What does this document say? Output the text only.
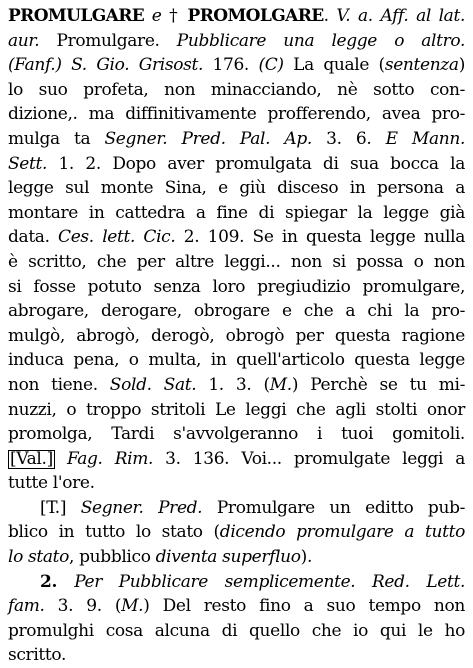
PROMULGARE e † PROMOLGARE. V. a. Aff. al lat.
aur. Promulgare. Pubblicare una legge o altro.
(Fanf.) S. Gio. Grisost. 176. (C) La quale (sentenza)
lo suo profeta, non minacciando, nè sotto con-
dizione,. ma diffinitivamente profferendo, avea pro-
mulga ta Segner. Pred. Pal. Ap. 3. 6. E Mann.
Sett. 1. 2. Dopo aver promulgata di sua bocca la
legge sul monte Sina, e giù disceso in persona a
montare in cattedra a fine di spiegar la legge già
data. Ces. lett. Cic. 2. 109. Se in questa legge nulla
è scritto, che per altre leggi... non si possa o non
si fosse potuto senza loro pregiudizio promulgare,
abrogare, derogare, obrogare e che a chi la pro-
mulgò, abrogò, derogò, obrogò per questa ragione
induca pena, o multa, in quell'articolo questa legge
non tiene. Sold. Sat. 1. 3. (M.) Perchè se tu mi-
nuzzi, o troppo stritoli Le leggi che agli stolti onor
promolga, Tardi s'avvolgeranno i tuoi gomitoli.
[Val.] Fag. Rim. 3. 136. Voi... promulgate leggi a
tutte l'ore.
[T.] Segner. Pred. Promulgare un editto pub-
blico in tutto lo stato (dicendo promulgare a tutto
lo stato, pubblico diventa superfluo).
2. Per Pubblicare semplicemente. Red. Lett.
fam. 3. 9. (M.) Del resto fino a suo tempo non
promulghi cosa alcuna di quello che io qui le ho
scritto.
